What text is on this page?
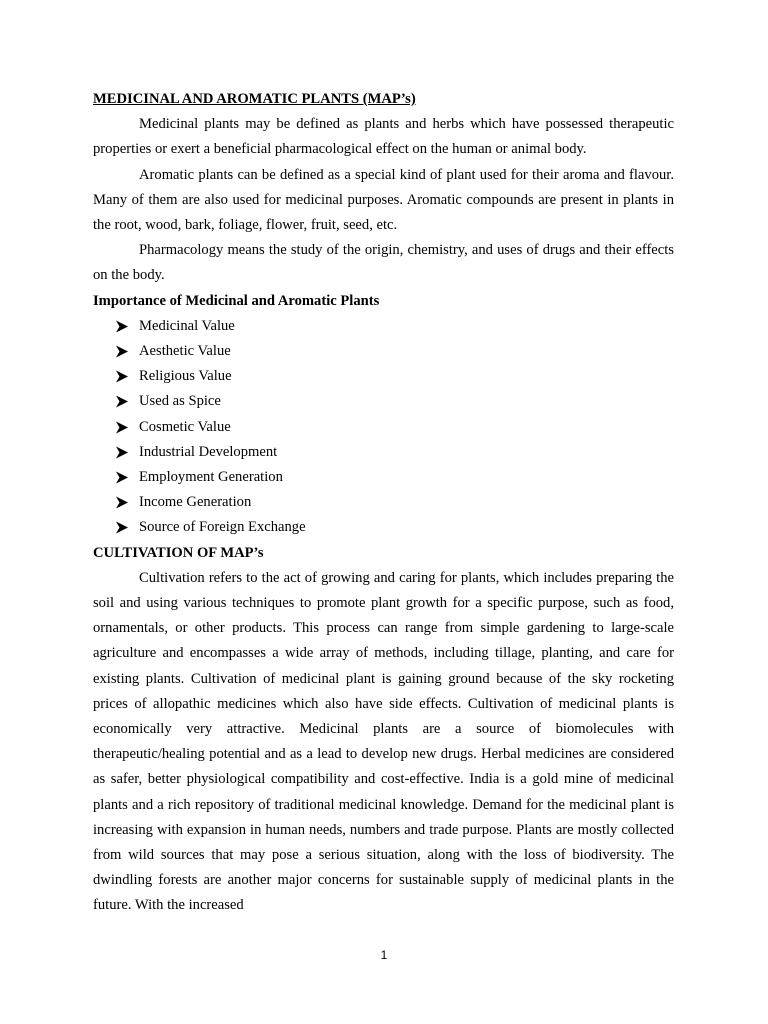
MEDICINAL AND AROMATIC PLANTS (MAP’s)

Medicinal plants may be defined as plants and herbs which have possessed therapeutic properties or exert a beneficial pharmacological effect on the human or animal body.

Aromatic plants can be defined as a special kind of plant used for their aroma and flavour. Many of them are also used for medicinal purposes. Aromatic compounds are present in plants in the root, wood, bark, foliage, flower, fruit, seed, etc.

Pharmacology means the study of the origin, chemistry, and uses of drugs and their effects on the body.

Importance of Medicinal and Aromatic Plants

Medicinal Value
Aesthetic Value
Religious Value
Used as Spice
Cosmetic Value
Industrial Development
Employment Generation
Income Generation
Source of Foreign Exchange

CULTIVATION OF MAP’s

Cultivation refers to the act of growing and caring for plants, which includes preparing the soil and using various techniques to promote plant growth for a specific purpose, such as food, ornamentals, or other products. This process can range from simple gardening to large-scale agriculture and encompasses a wide array of methods, including tillage, planting, and care for existing plants. Cultivation of medicinal plant is gaining ground because of the sky rocketing prices of allopathic medicines which also have side effects. Cultivation of medicinal plants is economically very attractive. Medicinal plants are a source of biomolecules with therapeutic/healing potential and as a lead to develop new drugs. Herbal medicines are considered as safer, better physiological compatibility and cost-effective. India is a gold mine of medicinal plants and a rich repository of traditional medicinal knowledge. Demand for the medicinal plant is increasing with expansion in human needs, numbers and trade purpose. Plants are mostly collected from wild sources that may pose a serious situation, along with the loss of biodiversity. The dwindling forests are another major concerns for sustainable supply of medicinal plants in the future. With the increased

1
